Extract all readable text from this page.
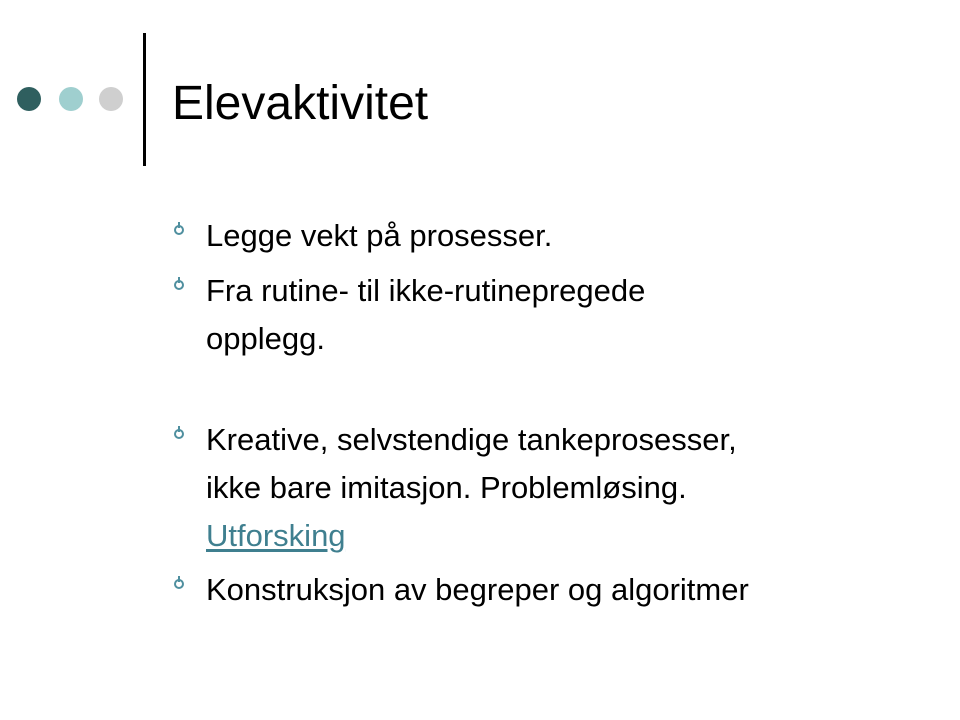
Elevaktivitet
Legge vekt på prosesser.
Fra rutine- til ikke-rutinepregede
opplegg.
Kreative, selvstendige tankeprosesser,
ikke bare imitasjon. Problemløsing.
Utforsking
Konstruksjon av begreper og algoritmer
